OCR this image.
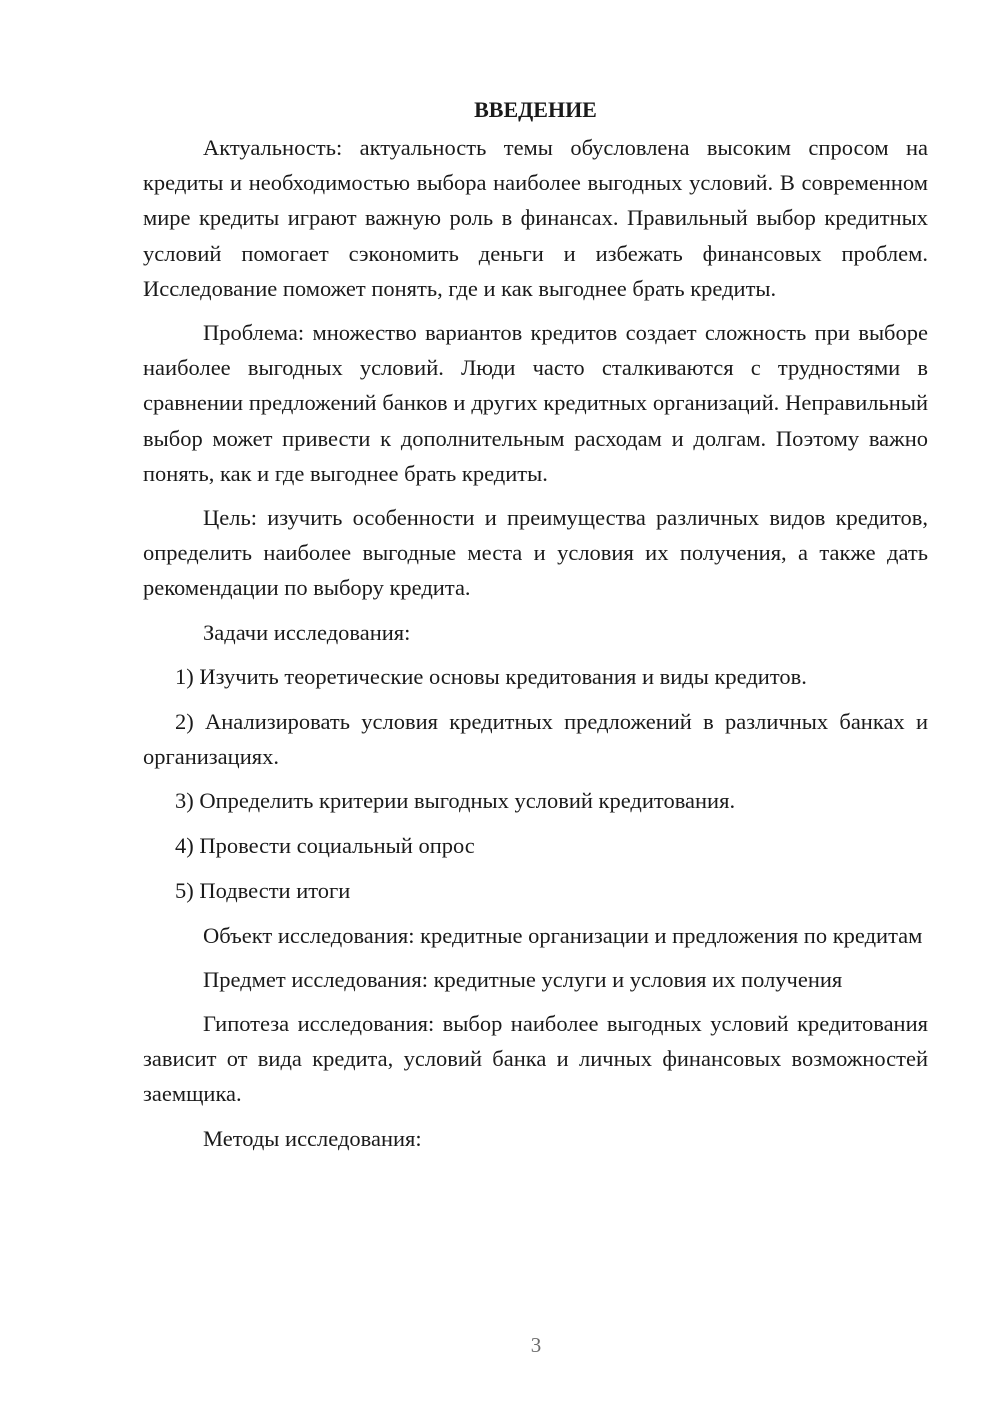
ВВЕДЕНИЕ

Актуальность: актуальность темы обусловлена высоким спросом на кредиты и необходимостью выбора наиболее выгодных условий. В современном мире кредиты играют важную роль в финансах. Правильный выбор кредитных условий помогает сэкономить деньги и избежать финансовых проблем. Исследование поможет понять, где и как выгоднее брать кредиты.

Проблема: множество вариантов кредитов создает сложность при выборе наиболее выгодных условий. Люди часто сталкиваются с трудностями в сравнении предложений банков и других кредитных организаций. Неправильный выбор может привести к дополнительным расходам и долгам. Поэтому важно понять, как и где выгоднее брать кредиты.

Цель: изучить особенности и преимущества различных видов кредитов, определить наиболее выгодные места и условия их получения, а также дать рекомендации по выбору кредита.

Задачи исследования:

1) Изучить теоретические основы кредитования и виды кредитов.

2) Анализировать условия кредитных предложений в различных банках и организациях.

3) Определить критерии выгодных условий кредитования.

4) Провести социальный опрос

5) Подвести итоги

Объект исследования: кредитные организации и предложения по кредитам

Предмет исследования: кредитные услуги и условия их получения

Гипотеза исследования: выбор наиболее выгодных условий кредитования зависит от вида кредита, условий банка и личных финансовых возможностей заемщика.

Методы исследования:

3
